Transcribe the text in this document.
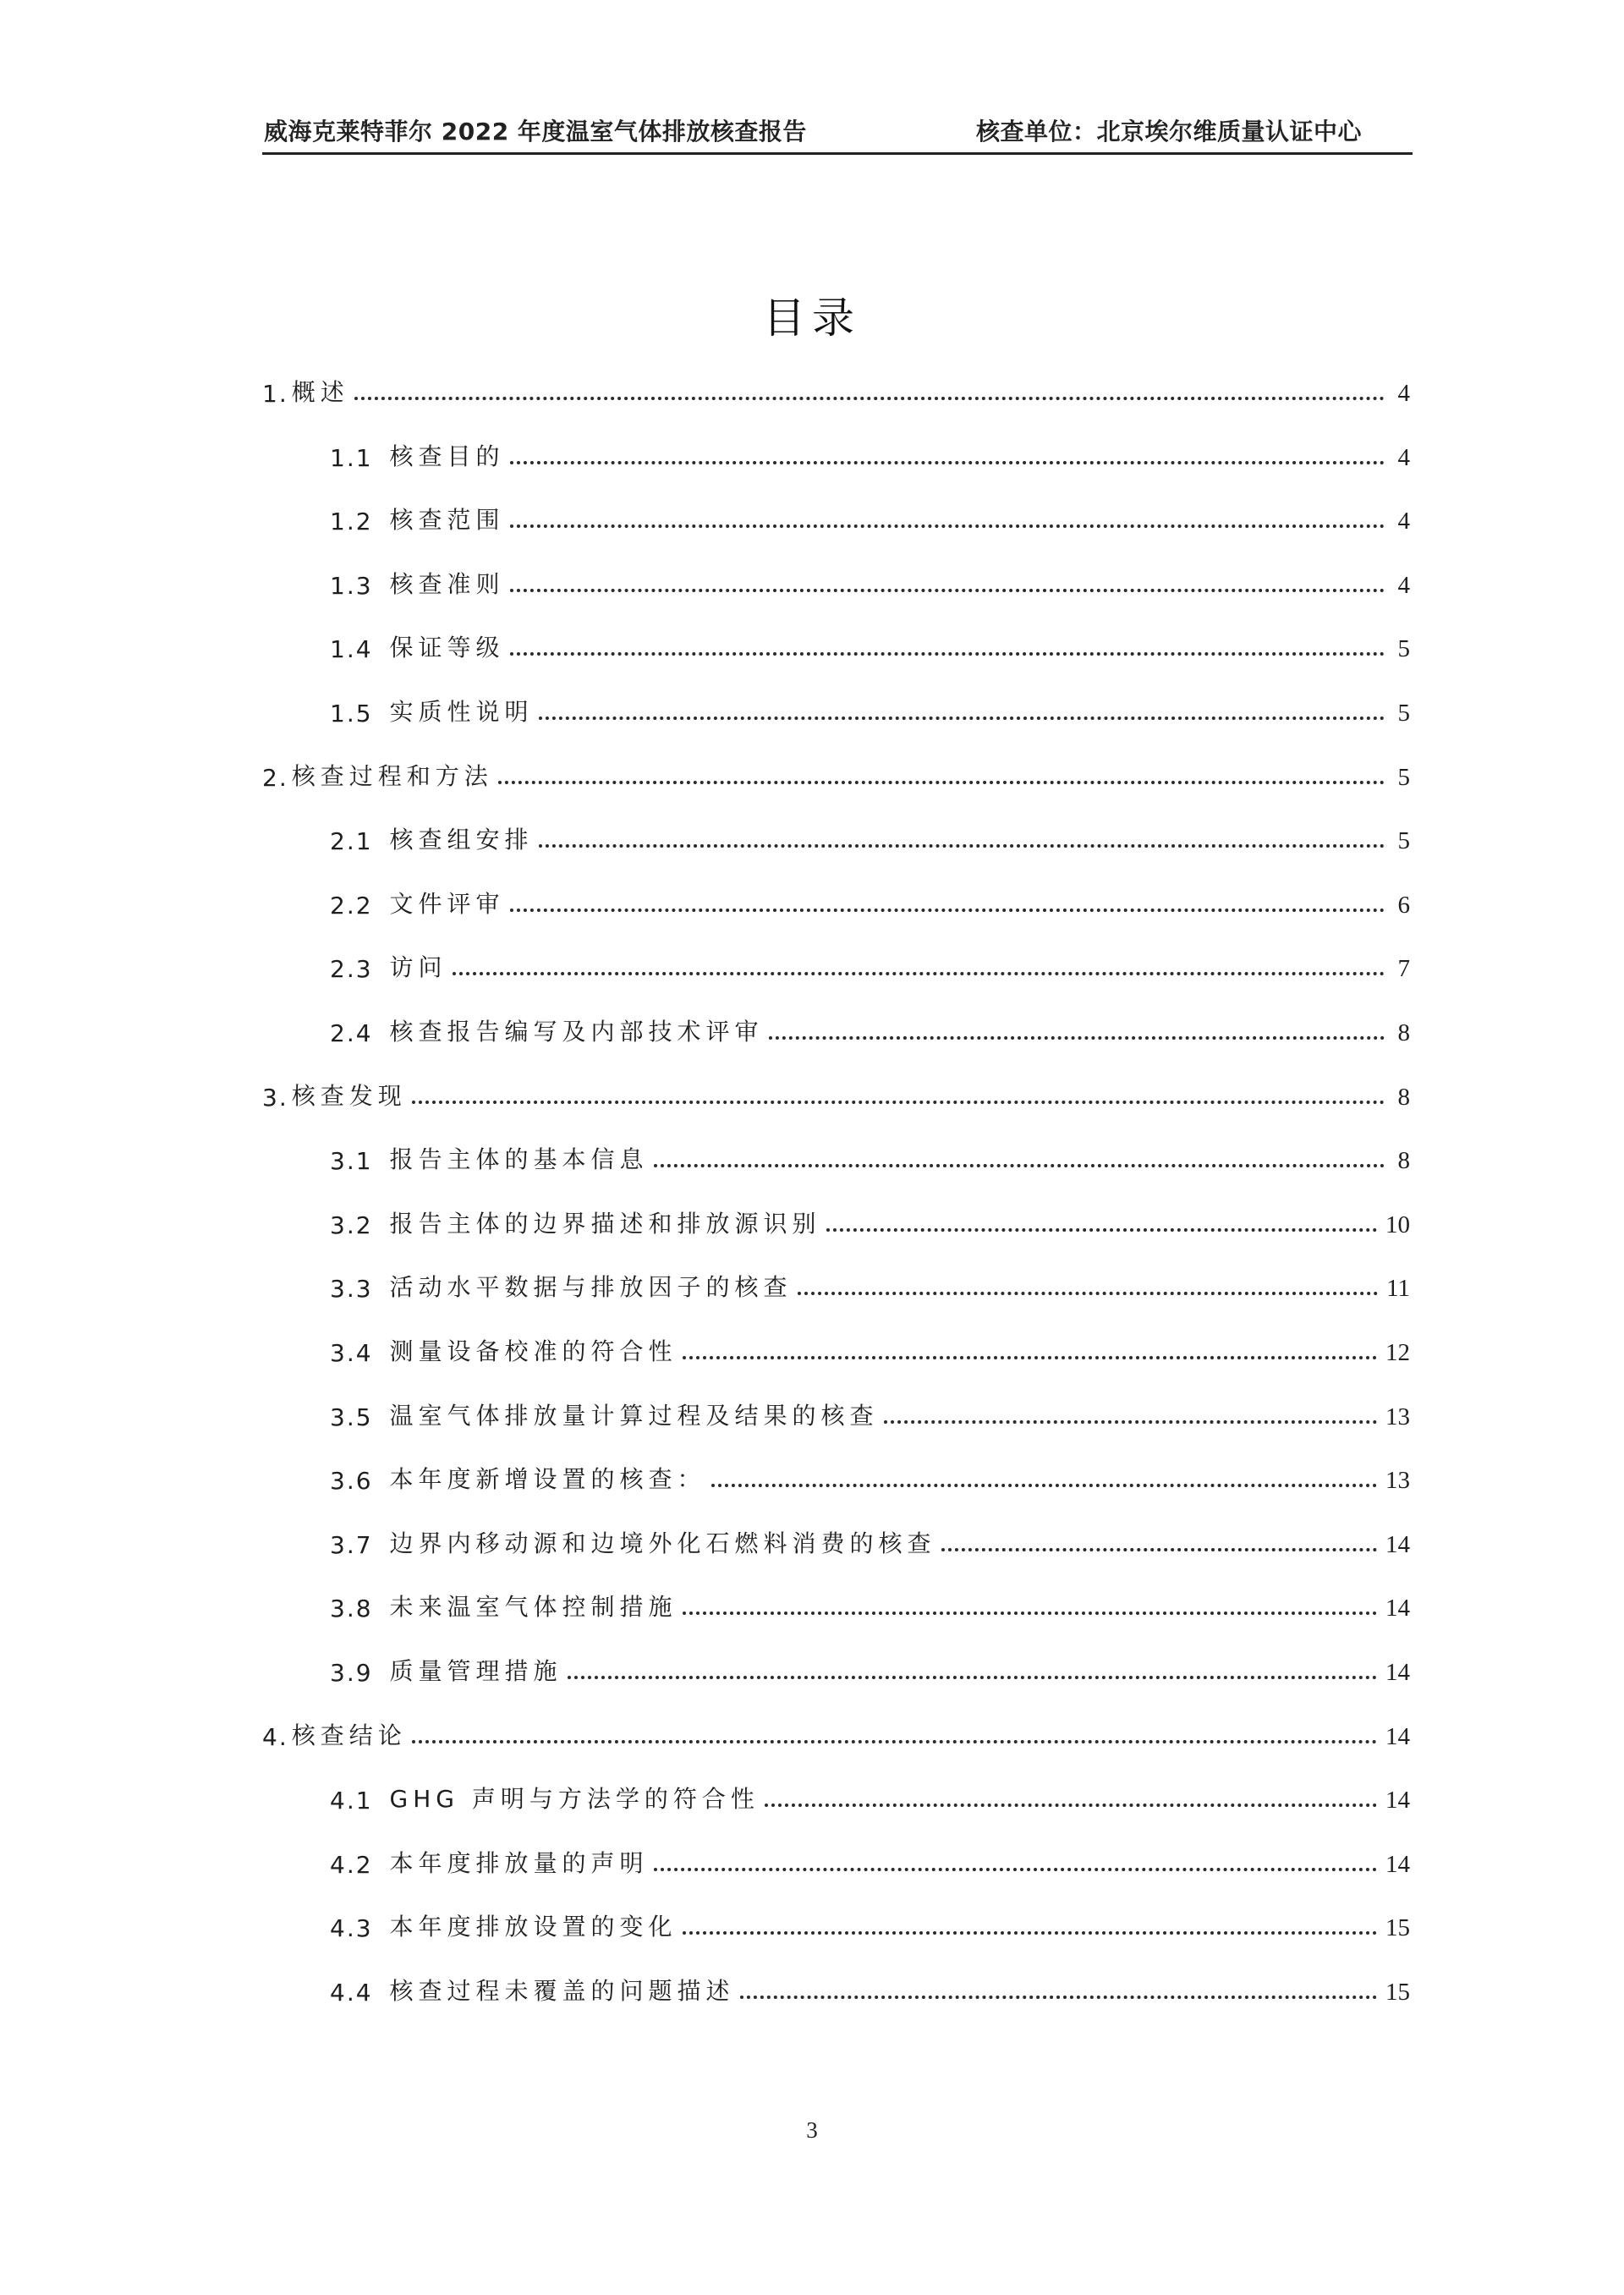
威海克莱特菲尔 2022 年度温室气体排放核查报告	核查单位：北京埃尔维质量认证中心
目录
1. 概述	4
1.1 核查目的	4
1.2 核查范围	4
1.3 核查准则	4
1.4 保证等级	5
1.5 实质性说明	5
2. 核查过程和方法	5
2.1 核查组安排	5
2.2 文件评审	6
2.3 访问	7
2.4 核查报告编写及内部技术评审	8
3. 核查发现	8
3.1 报告主体的基本信息	8
3.2 报告主体的边界描述和排放源识别	10
3.3 活动水平数据与排放因子的核查	11
3.4 测量设备校准的符合性	12
3.5 温室气体排放量计算过程及结果的核查	13
3.6 本年度新增设置的核查：	13
3.7 边界内移动源和边境外化石燃料消费的核查	14
3.8 未来温室气体控制措施	14
3.9 质量管理措施	14
4. 核查结论	14
4.1 GHG 声明与方法学的符合性	14
4.2 本年度排放量的声明	14
4.3 本年度排放设置的变化	15
4.4 核查过程未覆盖的问题描述	15
3
